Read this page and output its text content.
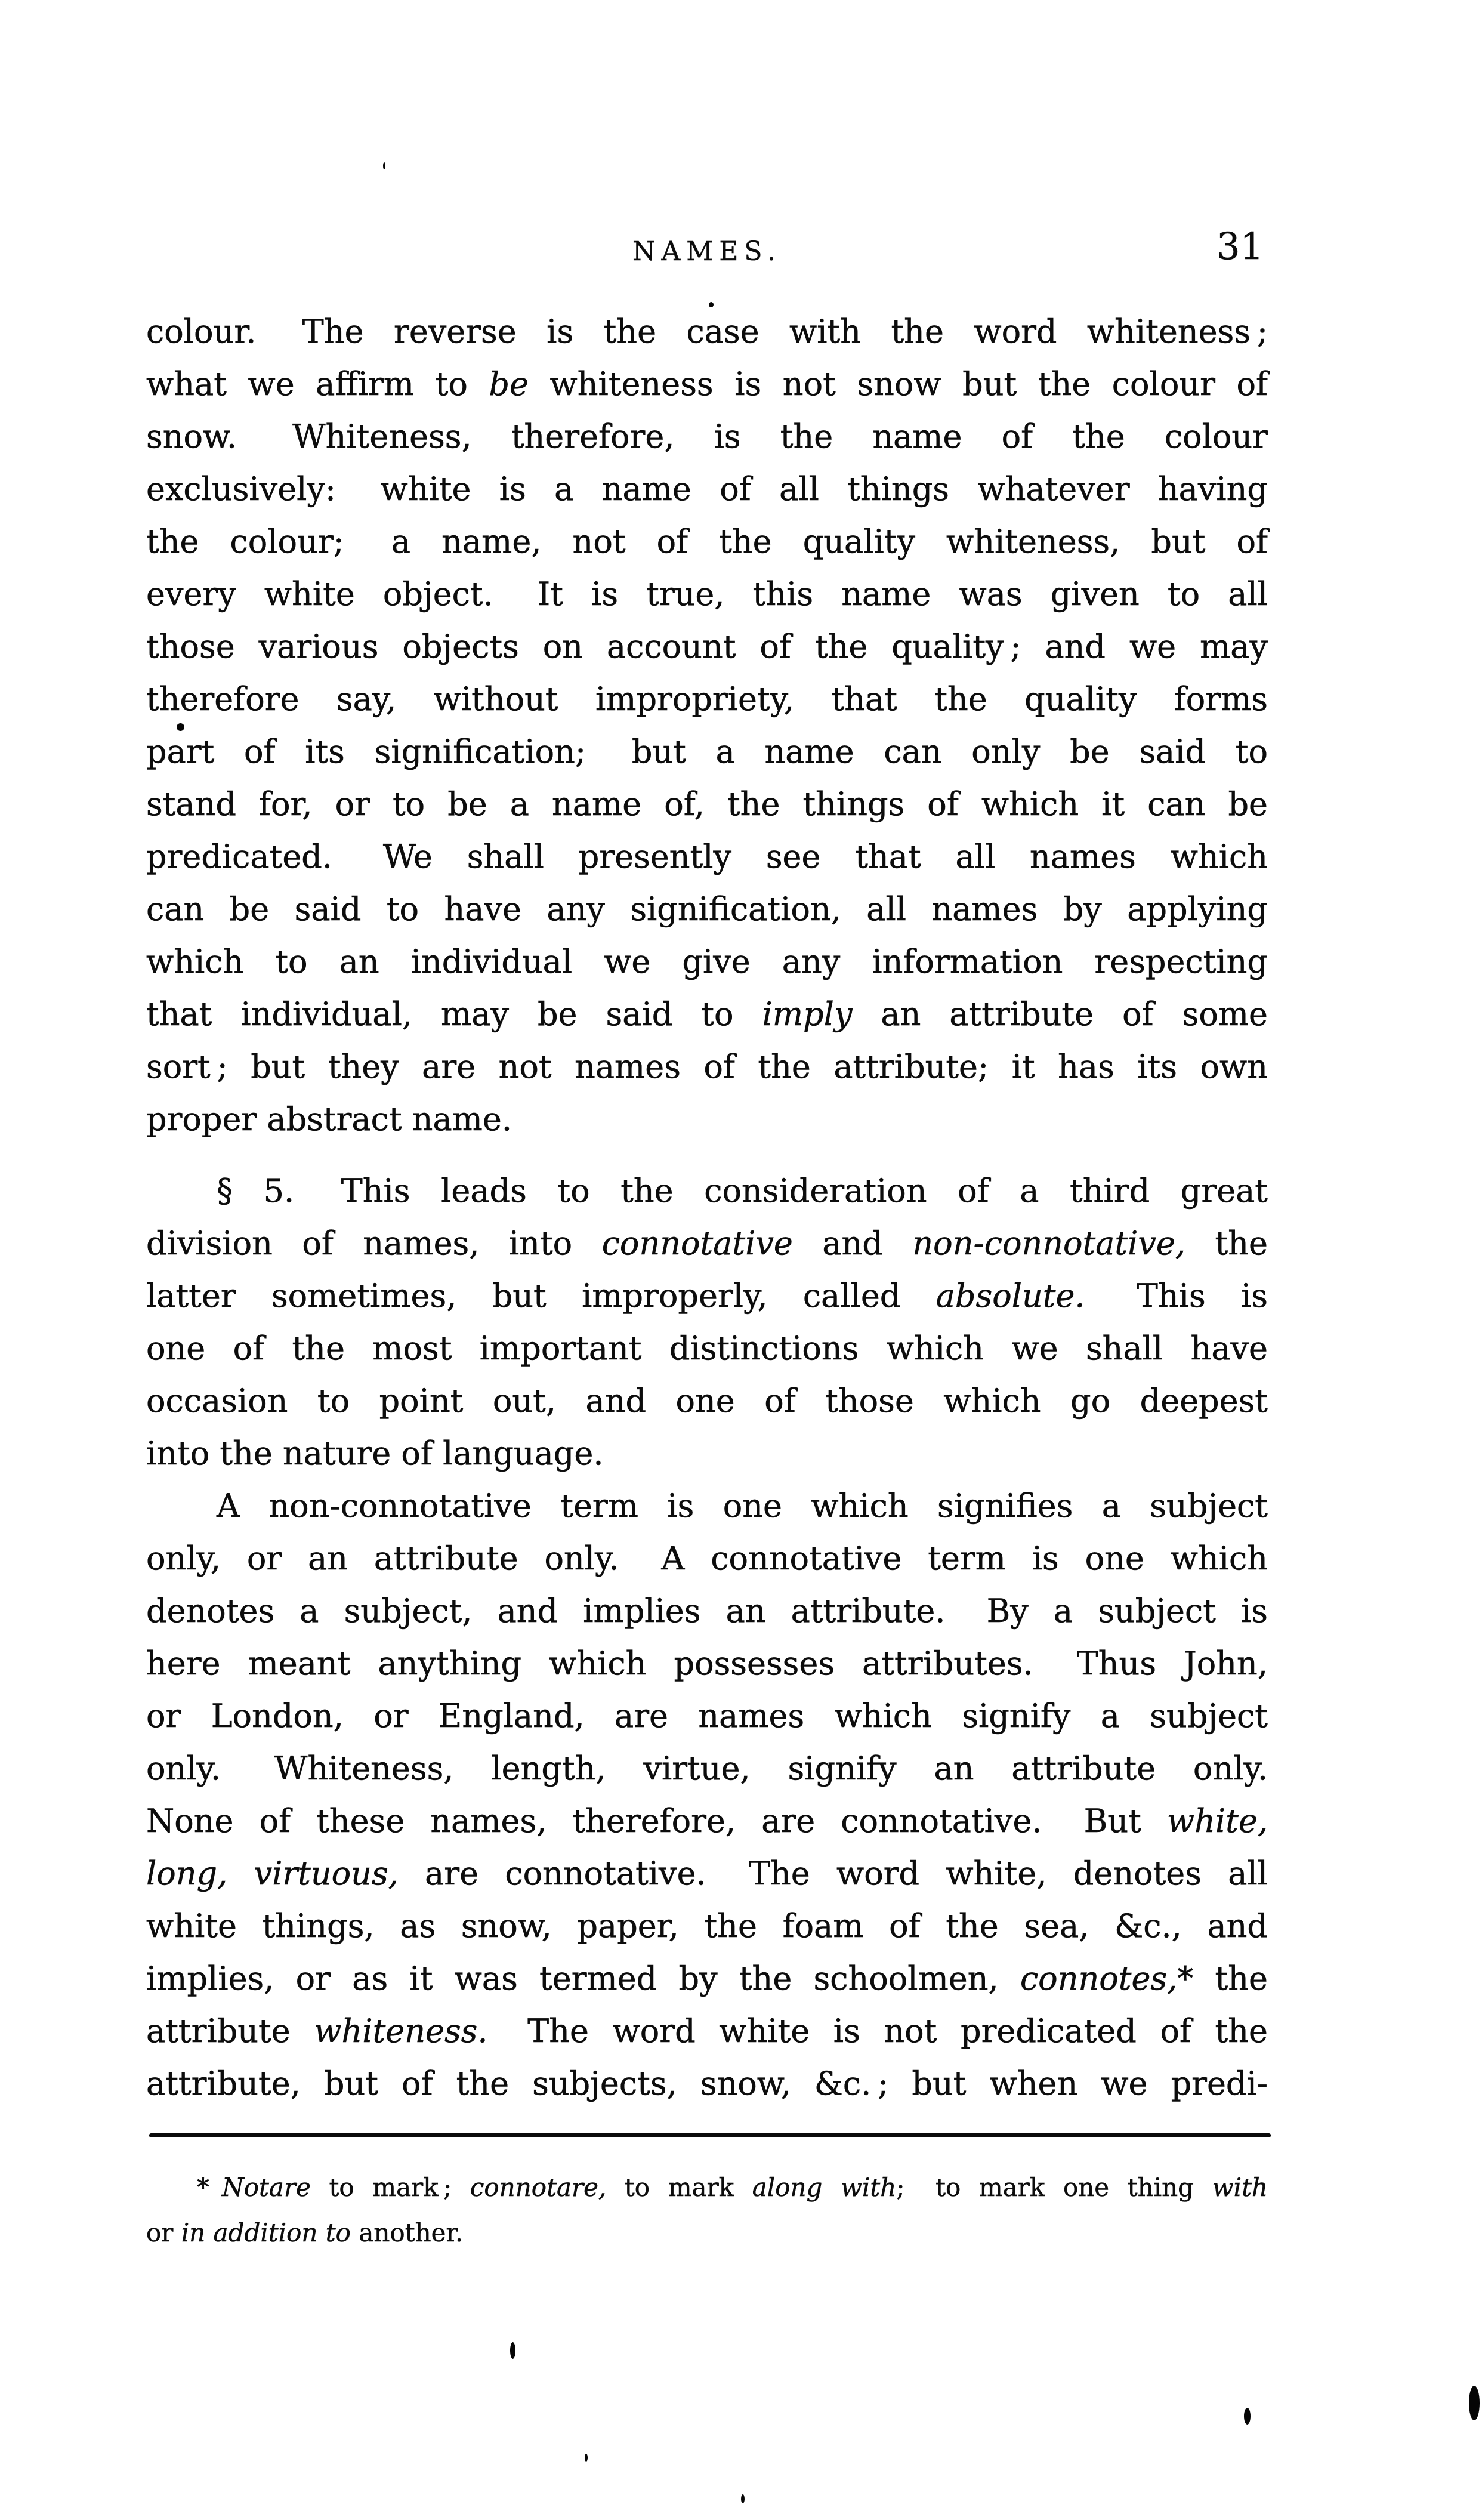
NAMES.	31
colour.  The reverse is the case with the word whiteness ;
what we affirm to be whiteness is not snow but the colour of
snow.  Whiteness, therefore, is the name of the colour
exclusively:  white is a name of all things whatever having
the colour;  a name, not of the quality whiteness, but of
every white object.  It is true, this name was given to all
those various objects on account of the quality ; and we may
therefore say, without impropriety, that the quality forms
part of its signification;  but a name can only be said to
stand for, or to be a name of, the things of which it can be
predicated.  We shall presently see that all names which
can be said to have any signification, all names by applying
which to an individual we give any information respecting
that individual, may be said to imply an attribute of some
sort ; but they are not names of the attribute; it has its own
proper abstract name.
§ 5.  This leads to the consideration of a third great
division of names, into connotative and non-connotative, the
latter sometimes, but improperly, called absolute.  This is
one of the most important distinctions which we shall have
occasion to point out, and one of those which go deepest
into the nature of language.
A non-connotative term is one which signifies a subject
only, or an attribute only.  A connotative term is one which
denotes a subject, and implies an attribute.  By a subject is
here meant anything which possesses attributes.  Thus John,
or London, or England, are names which signify a subject
only.  Whiteness, length, virtue, signify an attribute only.
None of these names, therefore, are connotative.  But white,
long, virtuous, are connotative.  The word white, denotes all
white things, as snow, paper, the foam of the sea, &c., and
implies, or as it was termed by the schoolmen, connotes,* the
attribute whiteness.  The word white is not predicated of the
attribute, but of the subjects, snow, &c. ; but when we predi-
* Notare to mark ; connotare, to mark along with;  to mark one thing with
or in addition to another.
